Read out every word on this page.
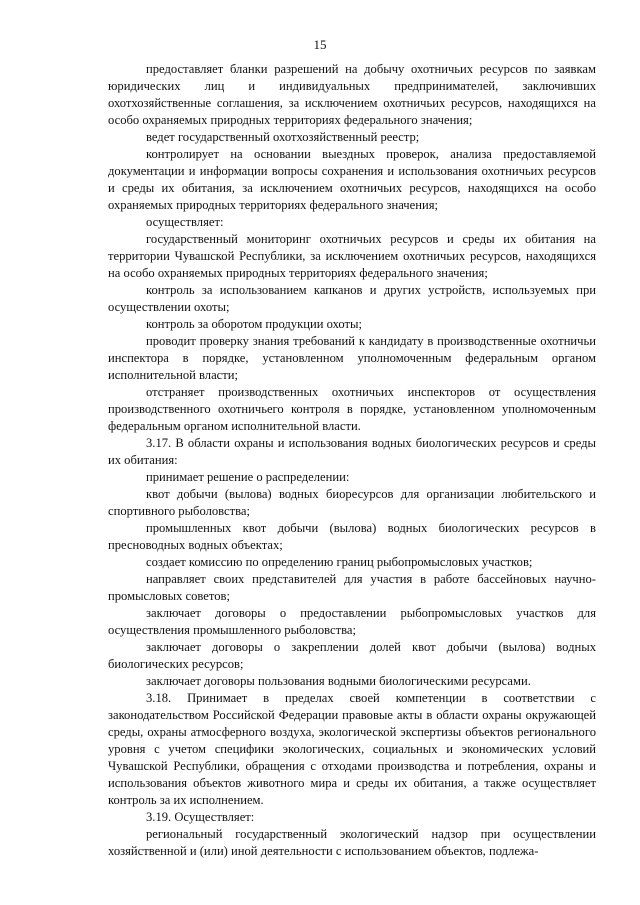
15

предоставляет бланки разрешений на добычу охотничьих ресурсов по заявкам юридических лиц и индивидуальных предпринимателей, заключивших охотхозяйственные соглашения, за исключением охотничьих ресурсов, находящихся на особо охраняемых природных территориях федерального значения;

ведет государственный охотхозяйственный реестр;

контролирует на основании выездных проверок, анализа предоставляемой документации и информации вопросы сохранения и использования охотничьих ресурсов и среды их обитания, за исключением охотничьих ресурсов, находящихся на особо охраняемых природных территориях федерального значения;

осуществляет:

государственный мониторинг охотничьих ресурсов и среды их обитания на территории Чувашской Республики, за исключением охотничьих ресурсов, находящихся на особо охраняемых природных территориях федерального значения;

контроль за использованием капканов и других устройств, используемых при осуществлении охоты;

контроль за оборотом продукции охоты;

проводит проверку знания требований к кандидату в производственные охотничьи инспектора в порядке, установленном уполномоченным федеральным органом исполнительной власти;

отстраняет производственных охотничьих инспекторов от осуществления производственного охотничьего контроля в порядке, установленном уполномоченным федеральным органом исполнительной власти.

3.17. В области охраны и использования водных биологических ресурсов и среды их обитания:

принимает решение о распределении:

квот добычи (вылова) водных биоресурсов для организации любительского и спортивного рыболовства;

промышленных квот добычи (вылова) водных биологических ресурсов в пресноводных водных объектах;

создает комиссию по определению границ рыбопромысловых участков;

направляет своих представителей для участия в работе бассейновых научно-промысловых советов;

заключает договоры о предоставлении рыбопромысловых участков для осуществления промышленного рыболовства;

заключает договоры о закреплении долей квот добычи (вылова) водных биологических ресурсов;

заключает договоры пользования водными биологическими ресурсами.

3.18. Принимает в пределах своей компетенции в соответствии с законодательством Российской Федерации правовые акты в области охраны окружающей среды, охраны атмосферного воздуха, экологической экспертизы объектов регионального уровня с учетом специфики экологических, социальных и экономических условий Чувашской Республики, обращения с отходами производства и потребления, охраны и использования объектов животного мира и среды их обитания, а также осуществляет контроль за их исполнением.

3.19. Осуществляет:

региональный государственный экологический надзор при осуществлении хозяйственной и (или) иной деятельности с использованием объектов, подлежа-
